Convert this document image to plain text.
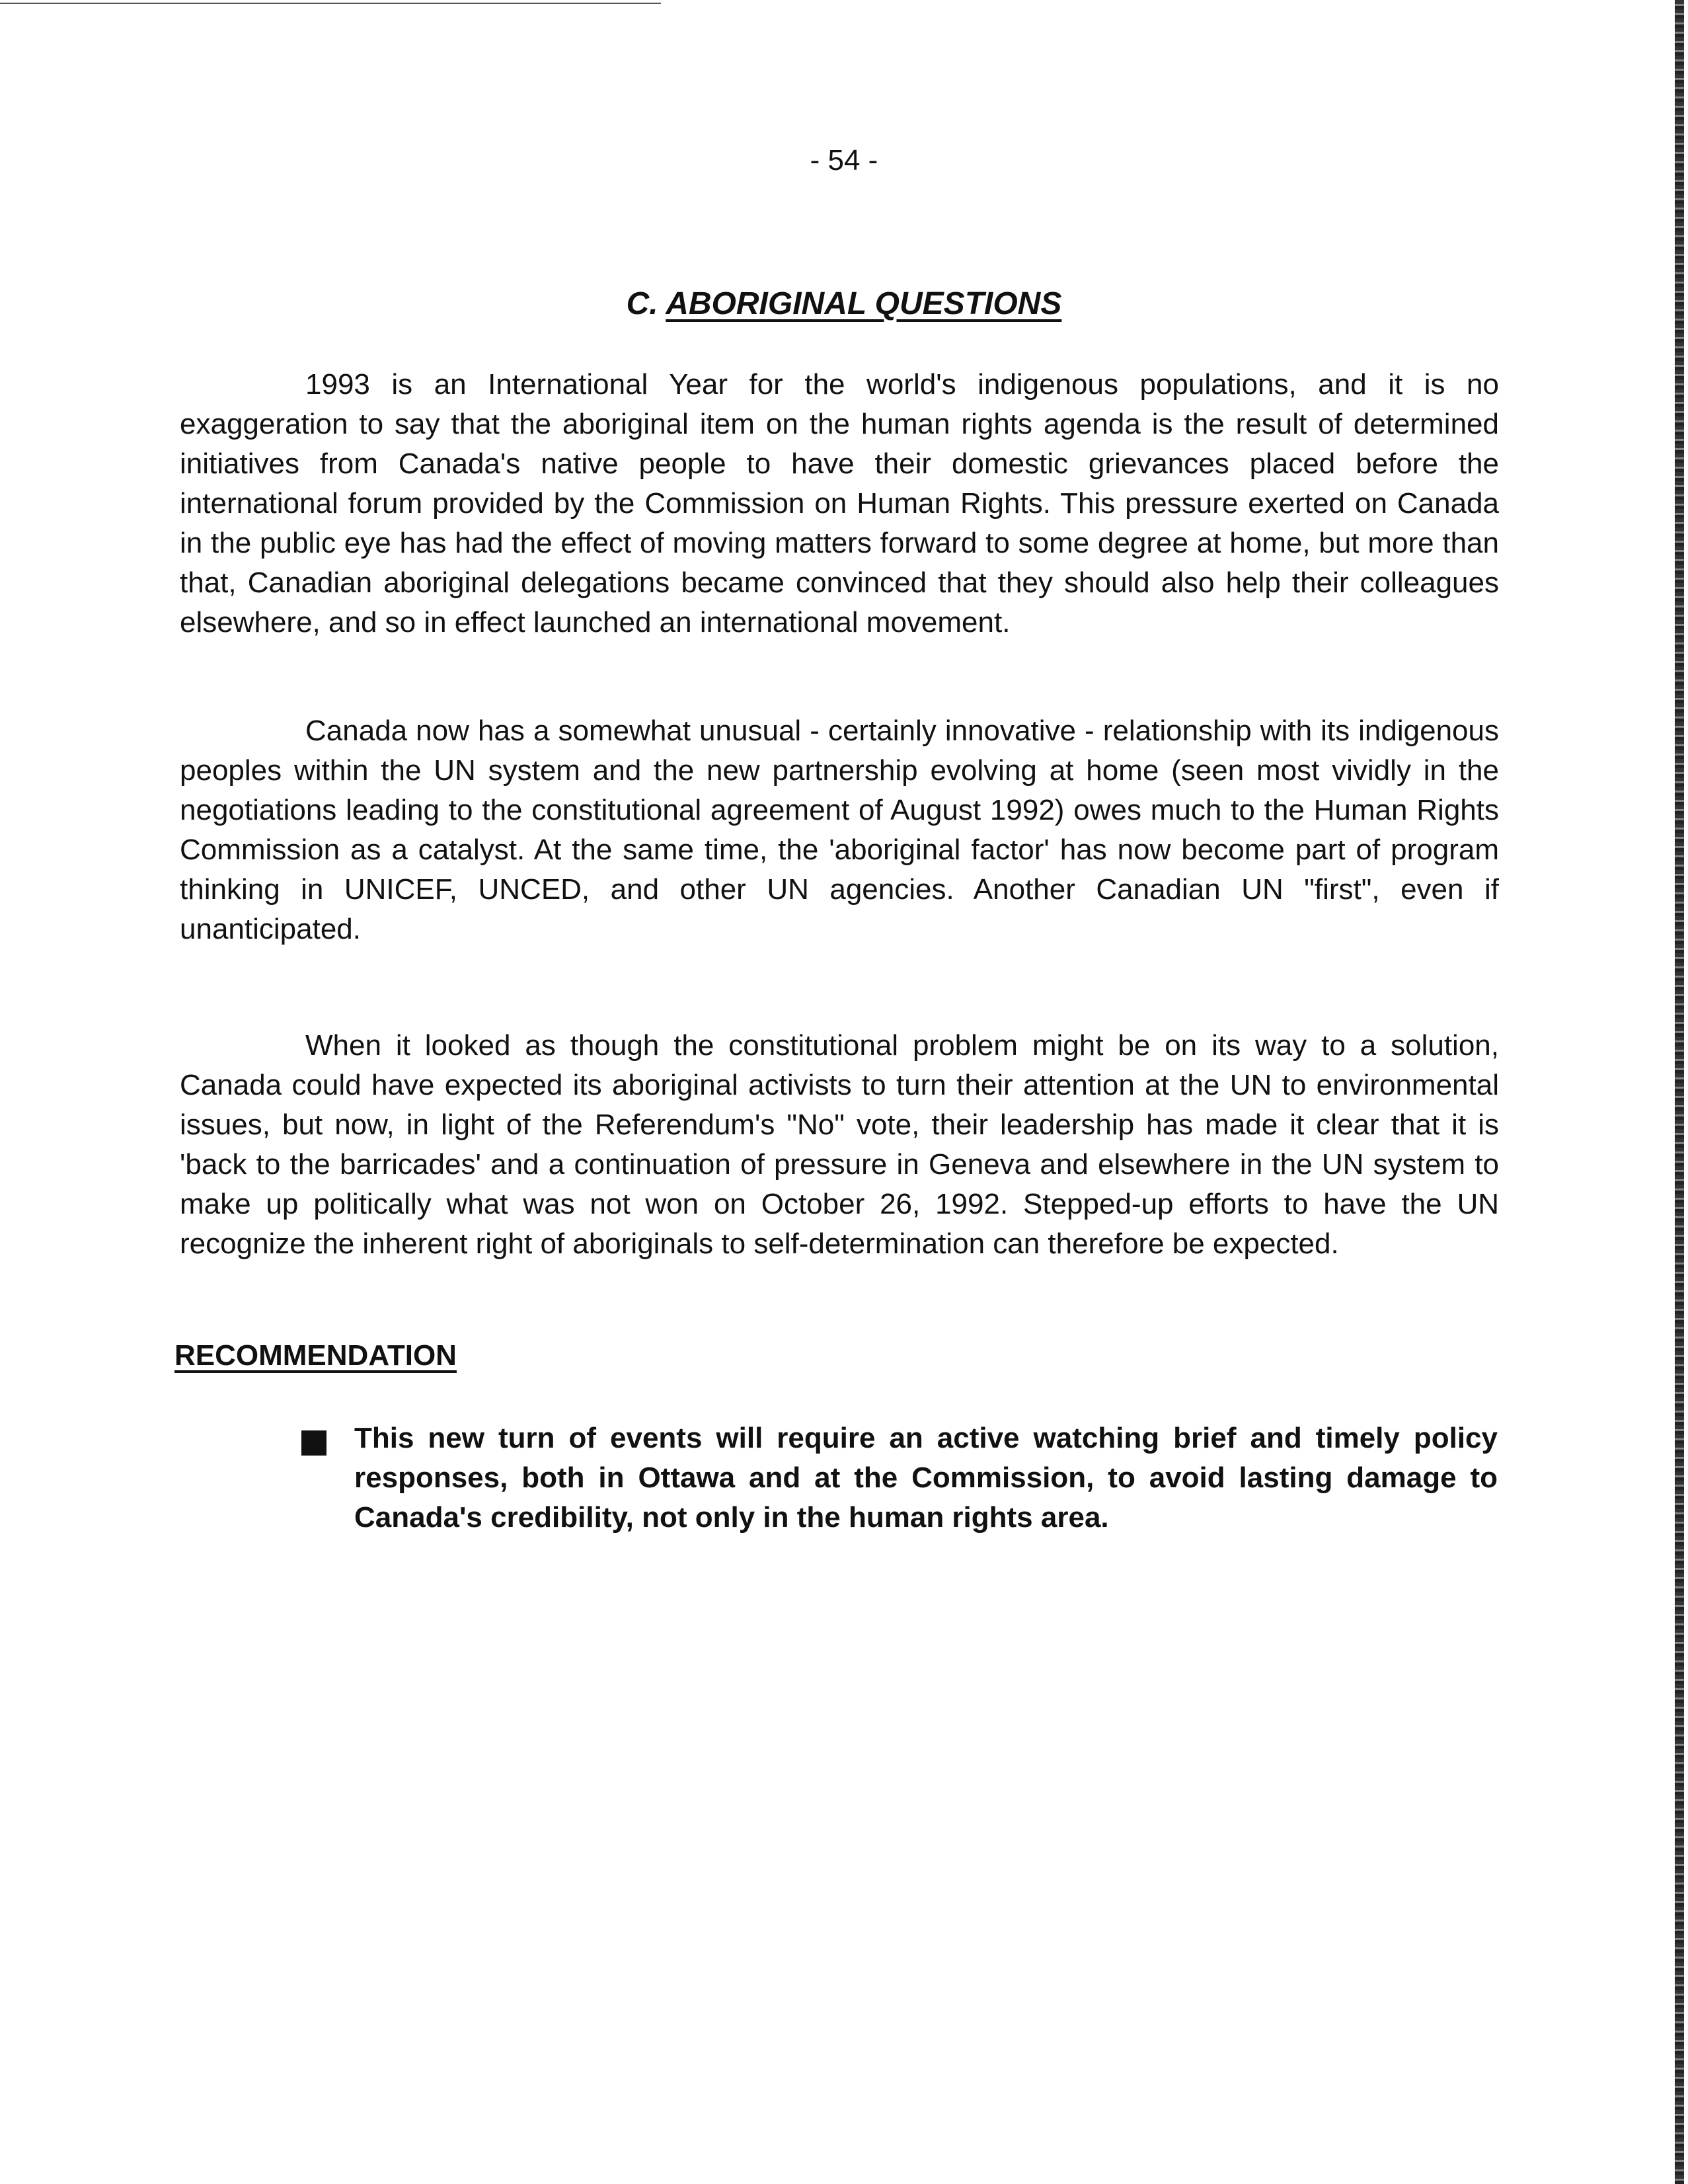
- 54 -
C. ABORIGINAL QUESTIONS

1993 is an International Year for the world's indigenous populations, and it is no exaggeration to say that the aboriginal item on the human rights agenda is the result of determined initiatives from Canada's native people to have their domestic grievances placed before the international forum provided by the Commission on Human Rights. This pressure exerted on Canada in the public eye has had the effect of moving matters forward to some degree at home, but more than that, Canadian aboriginal delegations became convinced that they should also help their colleagues elsewhere, and so in effect launched an international movement.

Canada now has a somewhat unusual - certainly innovative - relationship with its indigenous peoples within the UN system and the new partnership evolving at home (seen most vividly in the negotiations leading to the constitutional agreement of August 1992) owes much to the Human Rights Commission as a catalyst. At the same time, the 'aboriginal factor' has now become part of program thinking in UNICEF, UNCED, and other UN agencies. Another Canadian UN "first", even if unanticipated.

When it looked as though the constitutional problem might be on its way to a solution, Canada could have expected its aboriginal activists to turn their attention at the UN to environmental issues, but now, in light of the Referendum's "No" vote, their leadership has made it clear that it is 'back to the barricades' and a continuation of pressure in Geneva and elsewhere in the UN system to make up politically what was not won on October 26, 1992. Stepped-up efforts to have the UN recognize the inherent right of aboriginals to self-determination can therefore be expected.

RECOMMENDATION

This new turn of events will require an active watching brief and timely policy responses, both in Ottawa and at the Commission, to avoid lasting damage to Canada's credibility, not only in the human rights area.
